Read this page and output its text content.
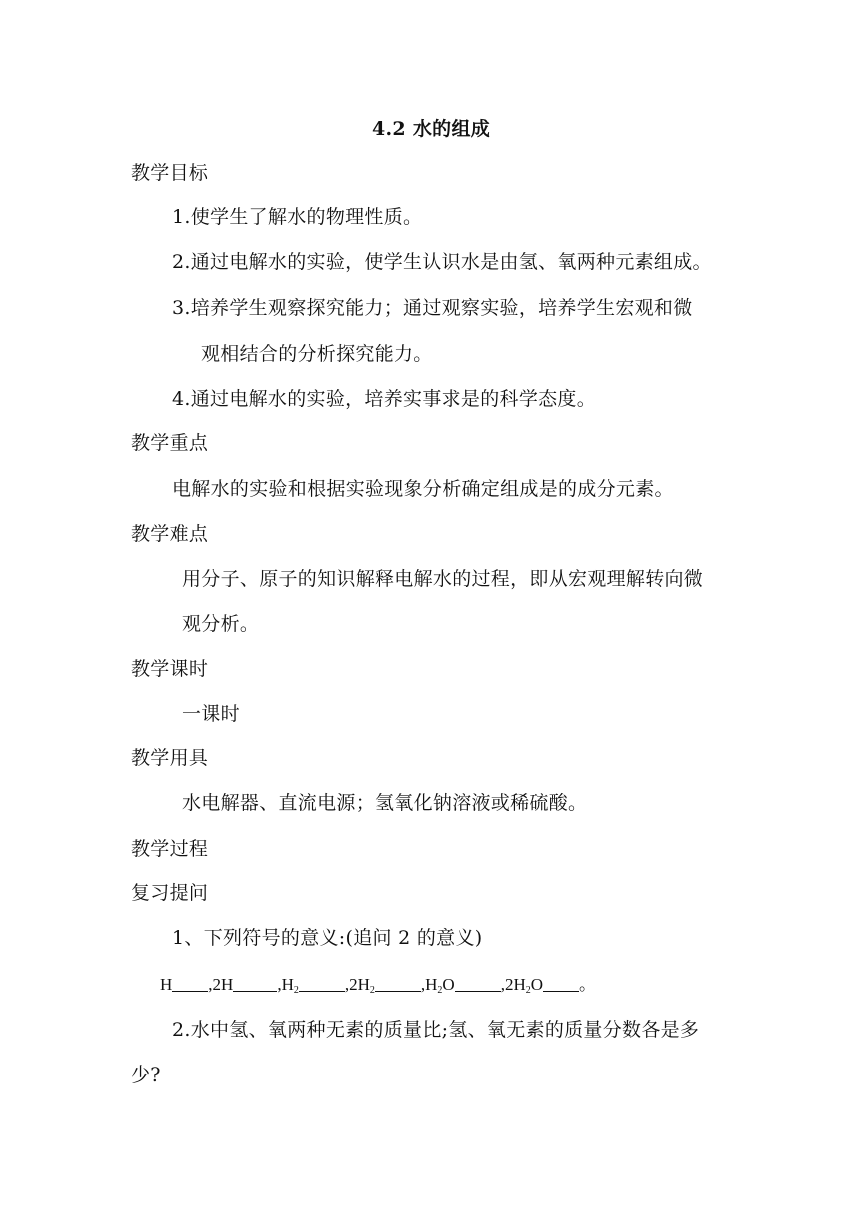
4.2 水的组成
教学目标
1.使学生了解水的物理性质。
2.通过电解水的实验，使学生认识水是由氢、氧两种元素组成。
3.培养学生观察探究能力；通过观察实验，培养学生宏观和微
观相结合的分析探究能力。
4.通过电解水的实验，培养实事求是的科学态度。
教学重点
电解水的实验和根据实验现象分析确定组成是的成分元素。
教学难点
用分子、原子的知识解释电解水的过程，即从宏观理解转向微
观分析。
教学课时
一课时
教学用具
水电解器、直流电源；氢氧化钠溶液或稀硫酸。
教学过程
复习提问
1、下列符号的意义:(追问 2 的意义)
H ,2H	$,H_2$	$,2H_2$	$,H_2O$	$,2H_2O$ 。
2.水中氢、氧两种无素的质量比;氢、氧无素的质量分数各是多
少?
